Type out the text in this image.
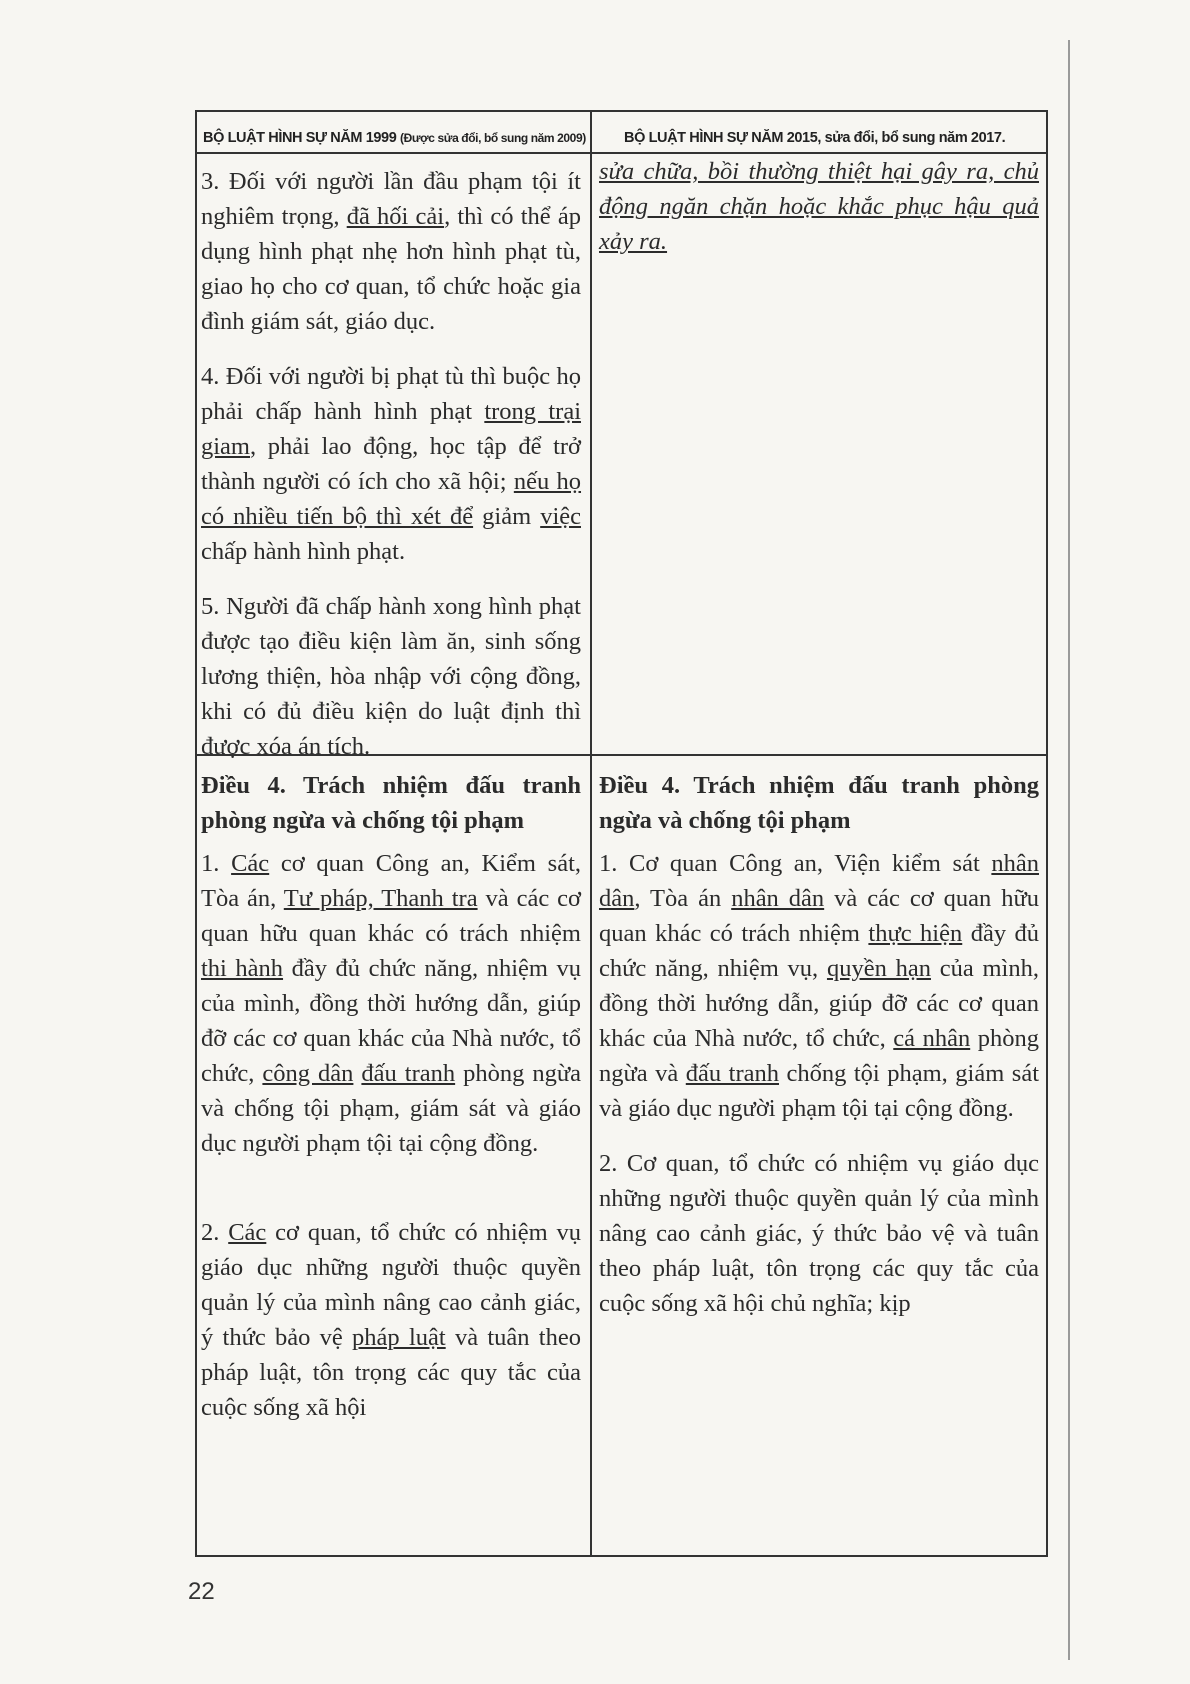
BỘ LUẬT HÌNH SỰ NĂM 1999 (Được sửa đổi, bổ sung năm 2009)	BỘ LUẬT HÌNH SỰ NĂM 2015, sửa đổi, bổ sung năm 2017.

3. Đối với người lần đầu phạm tội ít nghiêm trọng, đã hối cải, thì có thể áp dụng hình phạt nhẹ hơn hình phạt tù, giao họ cho cơ quan, tổ chức hoặc gia đình giám sát, giáo dục.

4. Đối với người bị phạt tù thì buộc họ phải chấp hành hình phạt trong trại giam, phải lao động, học tập để trở thành người có ích cho xã hội; nếu họ có nhiều tiến bộ thì xét để giảm việc chấp hành hình phạt.

5. Người đã chấp hành xong hình phạt được tạo điều kiện làm ăn, sinh sống lương thiện, hòa nhập với cộng đồng, khi có đủ điều kiện do luật định thì được xóa án tích.

sửa chữa, bồi thường thiệt hại gây ra, chủ động ngăn chặn hoặc khắc phục hậu quả xảy ra.

Điều 4. Trách nhiệm đấu tranh phòng ngừa và chống tội phạm

1. Các cơ quan Công an, Kiểm sát, Tòa án, Tư pháp, Thanh tra và các cơ quan hữu quan khác có trách nhiệm thi hành đầy đủ chức năng, nhiệm vụ của mình, đồng thời hướng dẫn, giúp đỡ các cơ quan khác của Nhà nước, tổ chức, công dân đấu tranh phòng ngừa và chống tội phạm, giám sát và giáo dục người phạm tội tại cộng đồng.

2. Các cơ quan, tổ chức có nhiệm vụ giáo dục những người thuộc quyền quản lý của mình nâng cao cảnh giác, ý thức bảo vệ pháp luật và tuân theo pháp luật, tôn trọng các quy tắc của cuộc sống xã hội

Điều 4. Trách nhiệm đấu tranh phòng ngừa và chống tội phạm

1. Cơ quan Công an, Viện kiểm sát nhân dân, Tòa án nhân dân và các cơ quan hữu quan khác có trách nhiệm thực hiện đầy đủ chức năng, nhiệm vụ, quyền hạn của mình, đồng thời hướng dẫn, giúp đỡ các cơ quan khác của Nhà nước, tổ chức, cá nhân phòng ngừa và đấu tranh chống tội phạm, giám sát và giáo dục người phạm tội tại cộng đồng.

2. Cơ quan, tổ chức có nhiệm vụ giáo dục những người thuộc quyền quản lý của mình nâng cao cảnh giác, ý thức bảo vệ và tuân theo pháp luật, tôn trọng các quy tắc của cuộc sống xã hội chủ nghĩa; kịp

22
